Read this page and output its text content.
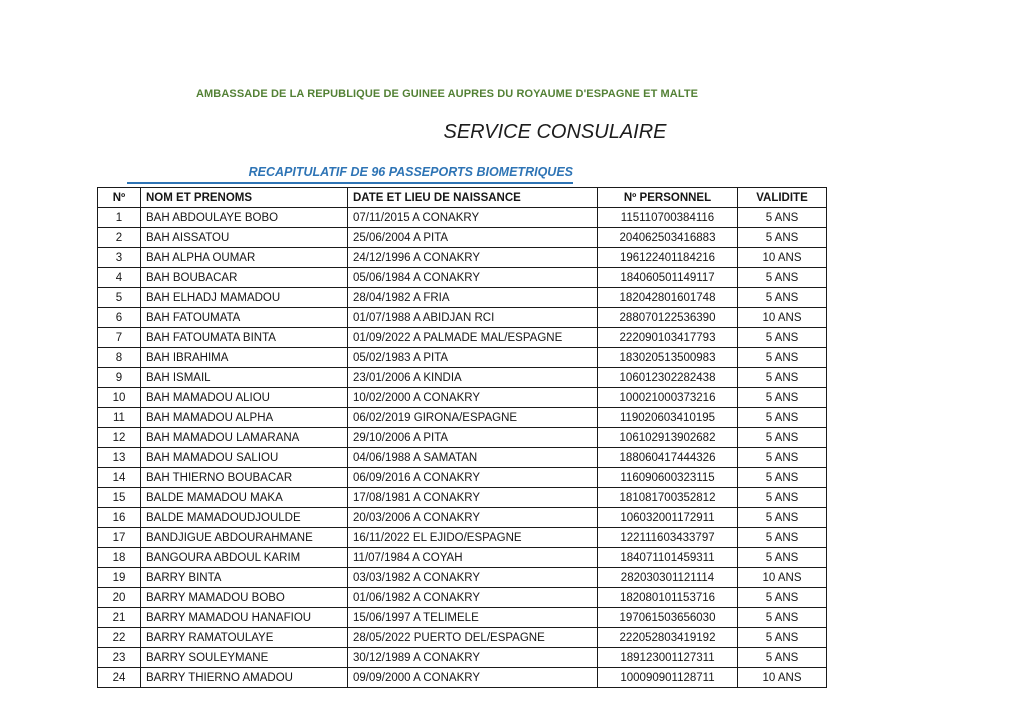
AMBASSADE DE LA REPUBLIQUE DE GUINEE AUPRES DU ROYAUME D'ESPAGNE ET MALTE
SERVICE CONSULAIRE
RECAPITULATIF DE 96 PASSEPORTS BIOMETRIQUES
Nº	NOM ET PRENOMS	DATE ET LIEU DE NAISSANCE	Nº PERSONNEL	VALIDITE
1	BAH ABDOULAYE BOBO	07/11/2015 A CONAKRY	115110700384116	5 ANS
2	BAH AISSATOU	25/06/2004 A PITA	204062503416883	5 ANS
3	BAH ALPHA OUMAR	24/12/1996 A CONAKRY	196122401184216	10 ANS
4	BAH BOUBACAR	05/06/1984 A CONAKRY	184060501149117	5 ANS
5	BAH ELHADJ MAMADOU	28/04/1982 A FRIA	182042801601748	5 ANS
6	BAH FATOUMATA	01/07/1988 A ABIDJAN RCI	288070122536390	10 ANS
7	BAH FATOUMATA BINTA	01/09/2022 A PALMADE MAL/ESPAGNE	222090103417793	5 ANS
8	BAH IBRAHIMA	05/02/1983 A PITA	183020513500983	5 ANS
9	BAH ISMAIL	23/01/2006 A KINDIA	106012302282438	5 ANS
10	BAH MAMADOU ALIOU	10/02/2000 A CONAKRY	100021000373216	5 ANS
11	BAH MAMADOU ALPHA	06/02/2019 GIRONA/ESPAGNE	119020603410195	5 ANS
12	BAH MAMADOU LAMARANA	29/10/2006 A PITA	106102913902682	5 ANS
13	BAH MAMADOU SALIOU	04/06/1988 A SAMATAN	188060417444326	5 ANS
14	BAH THIERNO BOUBACAR	06/09/2016 A CONAKRY	116090600323115	5 ANS
15	BALDE MAMADOU MAKA	17/08/1981 A CONAKRY	181081700352812	5 ANS
16	BALDE MAMADOUDJOULDE	20/03/2006 A CONAKRY	106032001172911	5 ANS
17	BANDJIGUE ABDOURAHMANE	16/11/2022 EL EJIDO/ESPAGNE	122111603433797	5 ANS
18	BANGOURA ABDOUL KARIM	11/07/1984 A COYAH	184071101459311	5 ANS
19	BARRY BINTA	03/03/1982 A CONAKRY	282030301121114	10 ANS
20	BARRY MAMADOU BOBO	01/06/1982 A CONAKRY	182080101153716	5 ANS
21	BARRY MAMADOU HANAFIOU	15/06/1997 A TELIMELE	197061503656030	5 ANS
22	BARRY RAMATOULAYE	28/05/2022 PUERTO DEL/ESPAGNE	222052803419192	5 ANS
23	BARRY SOULEYMANE	30/12/1989 A CONAKRY	189123001127311	5 ANS
24	BARRY THIERNO AMADOU	09/09/2000 A CONAKRY	100090901128711	10 ANS
